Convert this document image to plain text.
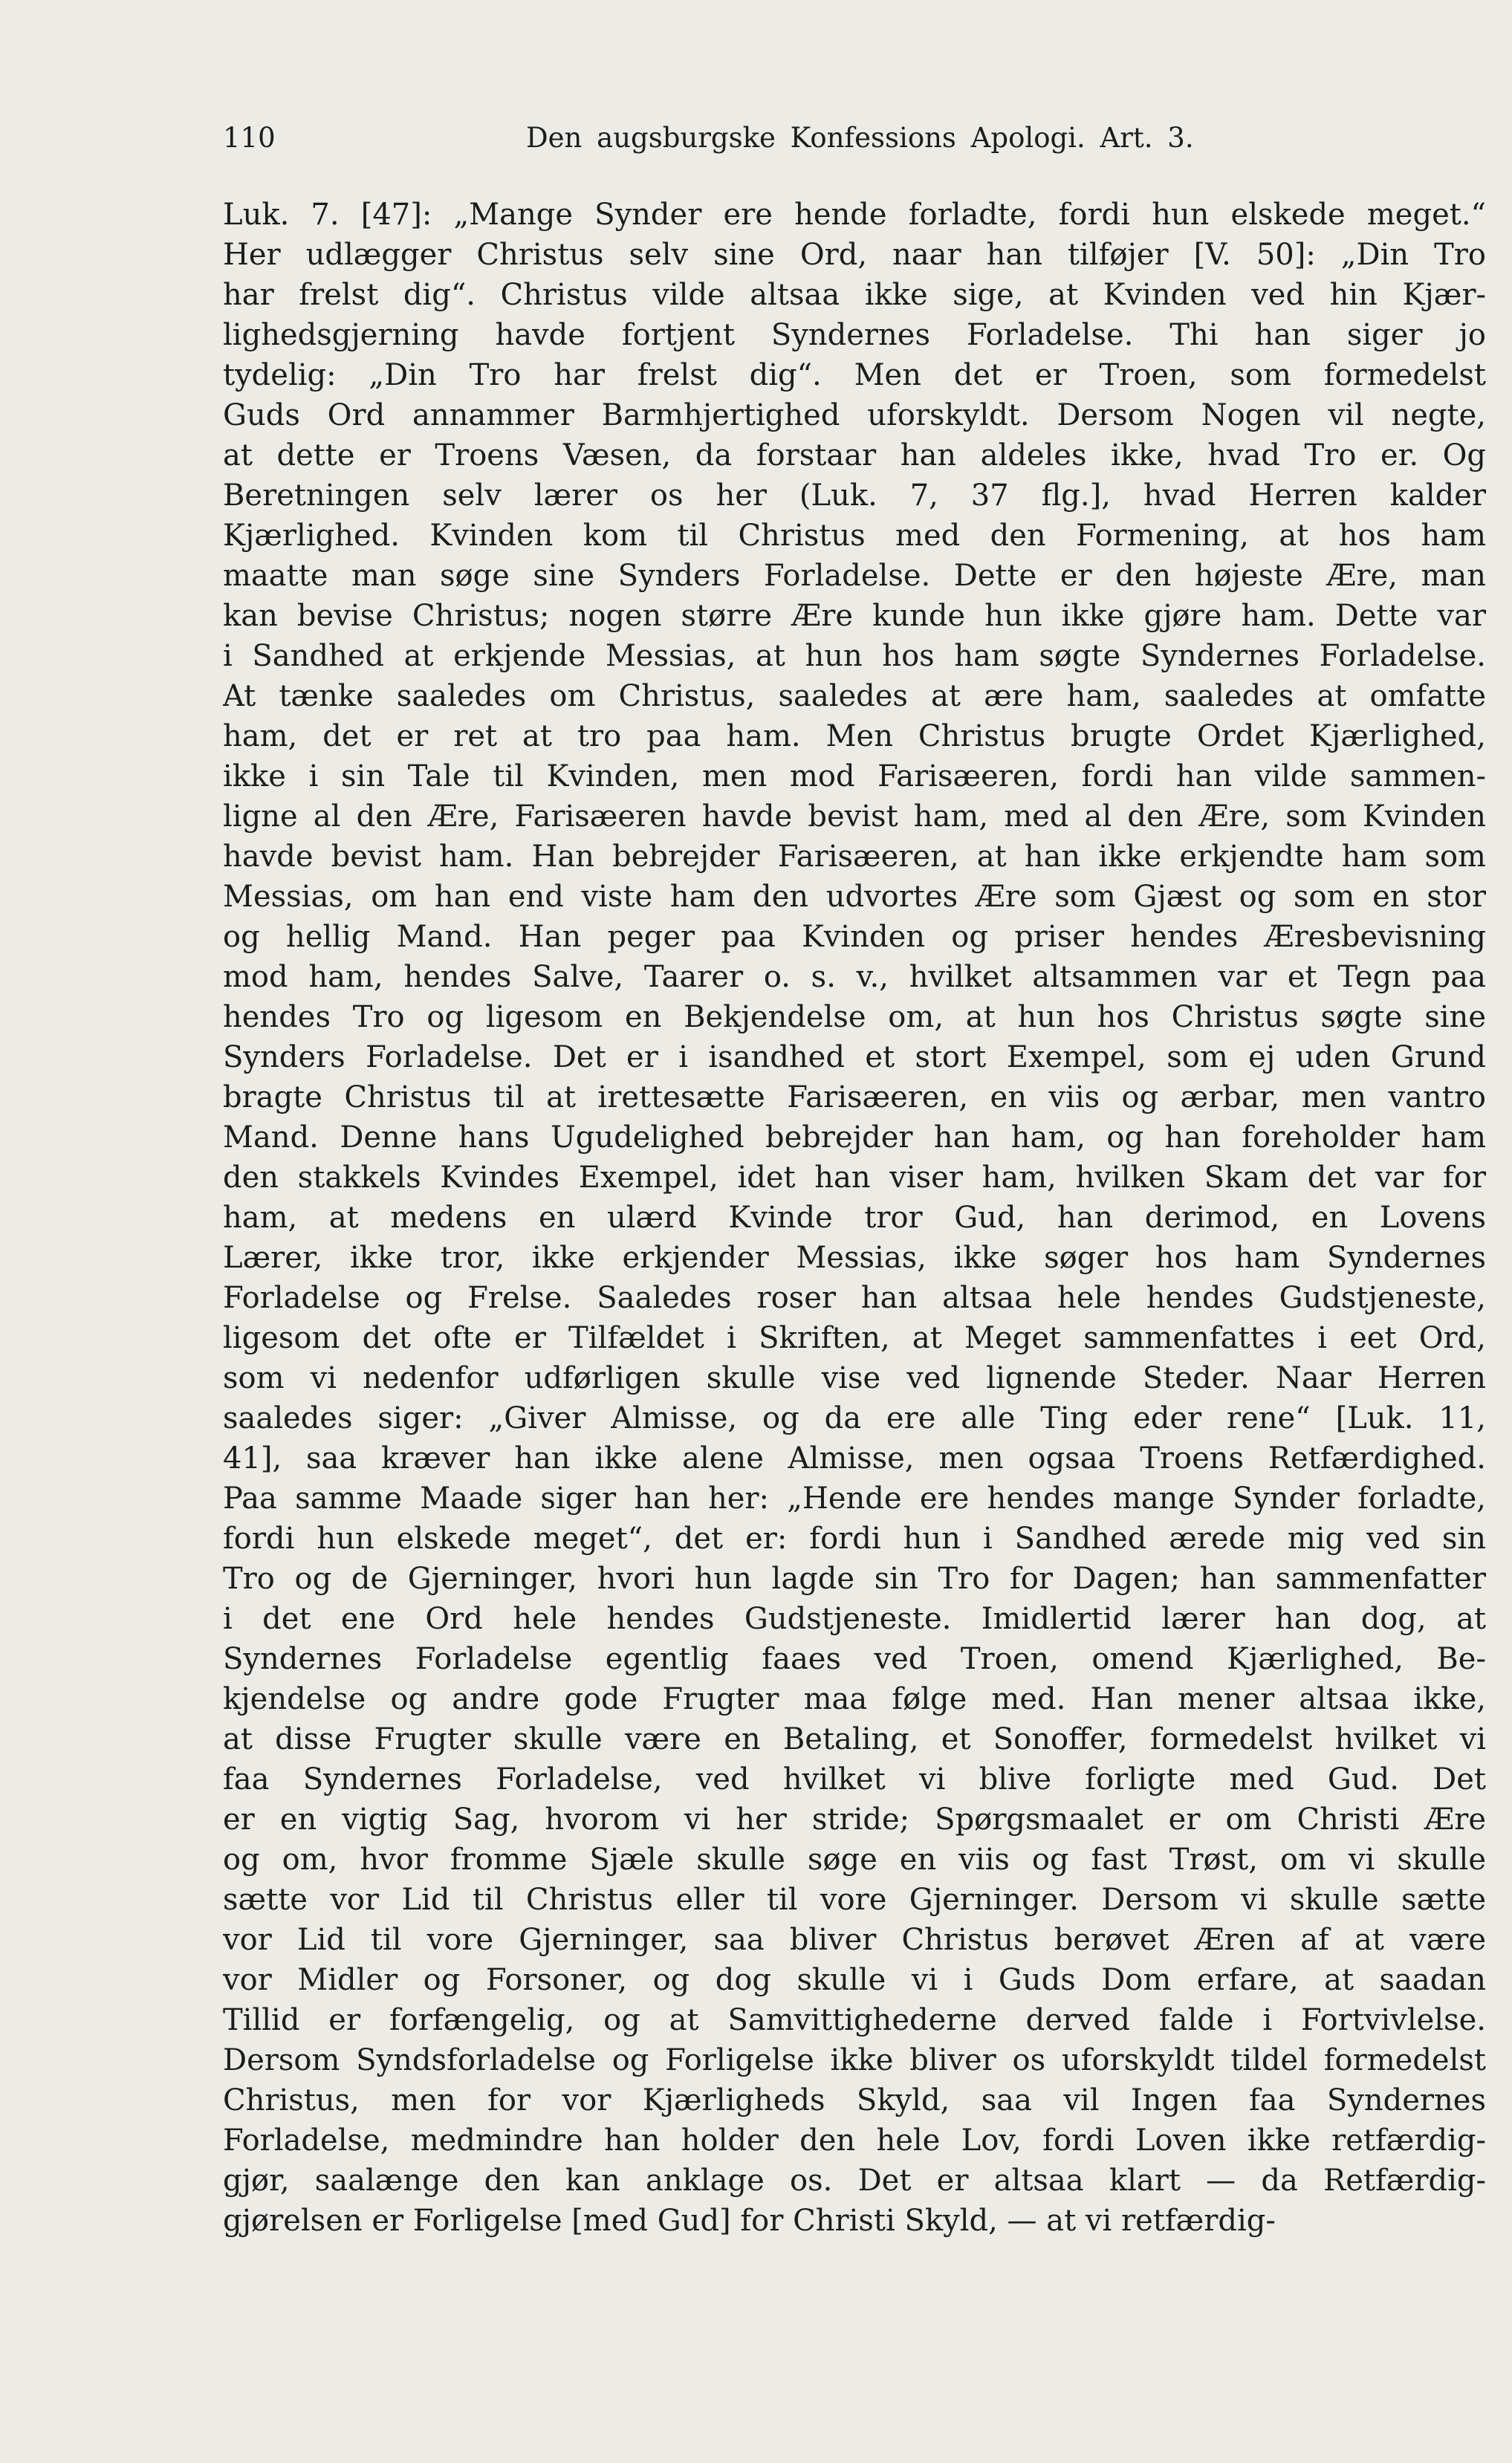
110	Den augsburgske Konfessions Apologi. Art. 3.
Luk. 7. [47]: „Mange Synder ere hende forladte, fordi hun elskede meget.“
Her udlægger Christus selv sine Ord, naar han tilføjer [V. 50]: „Din Tro
har frelst dig“. Christus vilde altsaa ikke sige, at Kvinden ved hin Kjær-
lighedsgjerning havde fortjent Syndernes Forladelse. Thi han siger jo
tydelig: „Din Tro har frelst dig“. Men det er Troen, som formedelst
Guds Ord annammer Barmhjertighed uforskyldt. Dersom Nogen vil negte,
at dette er Troens Væsen, da forstaar han aldeles ikke, hvad Tro er. Og
Beretningen selv lærer os her (Luk. 7, 37 flg.], hvad Herren kalder
Kjærlighed. Kvinden kom til Christus med den Formening, at hos ham
maatte man søge sine Synders Forladelse. Dette er den højeste Ære, man
kan bevise Christus; nogen større Ære kunde hun ikke gjøre ham. Dette var
i Sandhed at erkjende Messias, at hun hos ham søgte Syndernes Forladelse.
At tænke saaledes om Christus, saaledes at ære ham, saaledes at omfatte
ham, det er ret at tro paa ham. Men Christus brugte Ordet Kjærlighed,
ikke i sin Tale til Kvinden, men mod Farisæeren, fordi han vilde sammen-
ligne al den Ære, Farisæeren havde bevist ham, med al den Ære, som Kvinden
havde bevist ham. Han bebrejder Farisæeren, at han ikke erkjendte ham som
Messias, om han end viste ham den udvortes Ære som Gjæst og som en stor
og hellig Mand. Han peger paa Kvinden og priser hendes Æresbevisning
mod ham, hendes Salve, Taarer o. s. v., hvilket altsammen var et Tegn paa
hendes Tro og ligesom en Bekjendelse om, at hun hos Christus søgte sine
Synders Forladelse. Det er i isandhed et stort Exempel, som ej uden Grund
bragte Christus til at irettesætte Farisæeren, en viis og ærbar, men vantro
Mand. Denne hans Ugudelighed bebrejder han ham, og han foreholder ham
den stakkels Kvindes Exempel, idet han viser ham, hvilken Skam det var for
ham, at medens en ulærd Kvinde tror Gud, han derimod, en Lovens
Lærer, ikke tror, ikke erkjender Messias, ikke søger hos ham Syndernes
Forladelse og Frelse. Saaledes roser han altsaa hele hendes Gudstjeneste,
ligesom det ofte er Tilfældet i Skriften, at Meget sammenfattes i eet Ord,
som vi nedenfor udførligen skulle vise ved lignende Steder. Naar Herren
saaledes siger: „Giver Almisse, og da ere alle Ting eder rene“ [Luk. 11,
41], saa kræver han ikke alene Almisse, men ogsaa Troens Retfærdighed.
Paa samme Maade siger han her: „Hende ere hendes mange Synder forladte,
fordi hun elskede meget“, det er: fordi hun i Sandhed ærede mig ved sin
Tro og de Gjerninger, hvori hun lagde sin Tro for Dagen; han sammenfatter
i det ene Ord hele hendes Gudstjeneste. Imidlertid lærer han dog, at
Syndernes Forladelse egentlig faaes ved Troen, omend Kjærlighed, Be-
kjendelse og andre gode Frugter maa følge med. Han mener altsaa ikke,
at disse Frugter skulle være en Betaling, et Sonoffer, formedelst hvilket vi
faa Syndernes Forladelse, ved hvilket vi blive forligte med Gud. Det
er en vigtig Sag, hvorom vi her stride; Spørgsmaalet er om Christi Ære
og om, hvor fromme Sjæle skulle søge en viis og fast Trøst, om vi skulle
sætte vor Lid til Christus eller til vore Gjerninger. Dersom vi skulle sætte
vor Lid til vore Gjerninger, saa bliver Christus berøvet Æren af at være
vor Midler og Forsoner, og dog skulle vi i Guds Dom erfare, at saadan
Tillid er forfængelig, og at Samvittighederne derved falde i Fortvivlelse.
Dersom Syndsforladelse og Forligelse ikke bliver os uforskyldt tildel formedelst
Christus, men for vor Kjærligheds Skyld, saa vil Ingen faa Syndernes
Forladelse, medmindre han holder den hele Lov, fordi Loven ikke retfærdig-
gjør, saalænge den kan anklage os. Det er altsaa klart — da Retfærdig-
gjørelsen er Forligelse [med Gud] for Christi Skyld, — at vi retfærdig-
